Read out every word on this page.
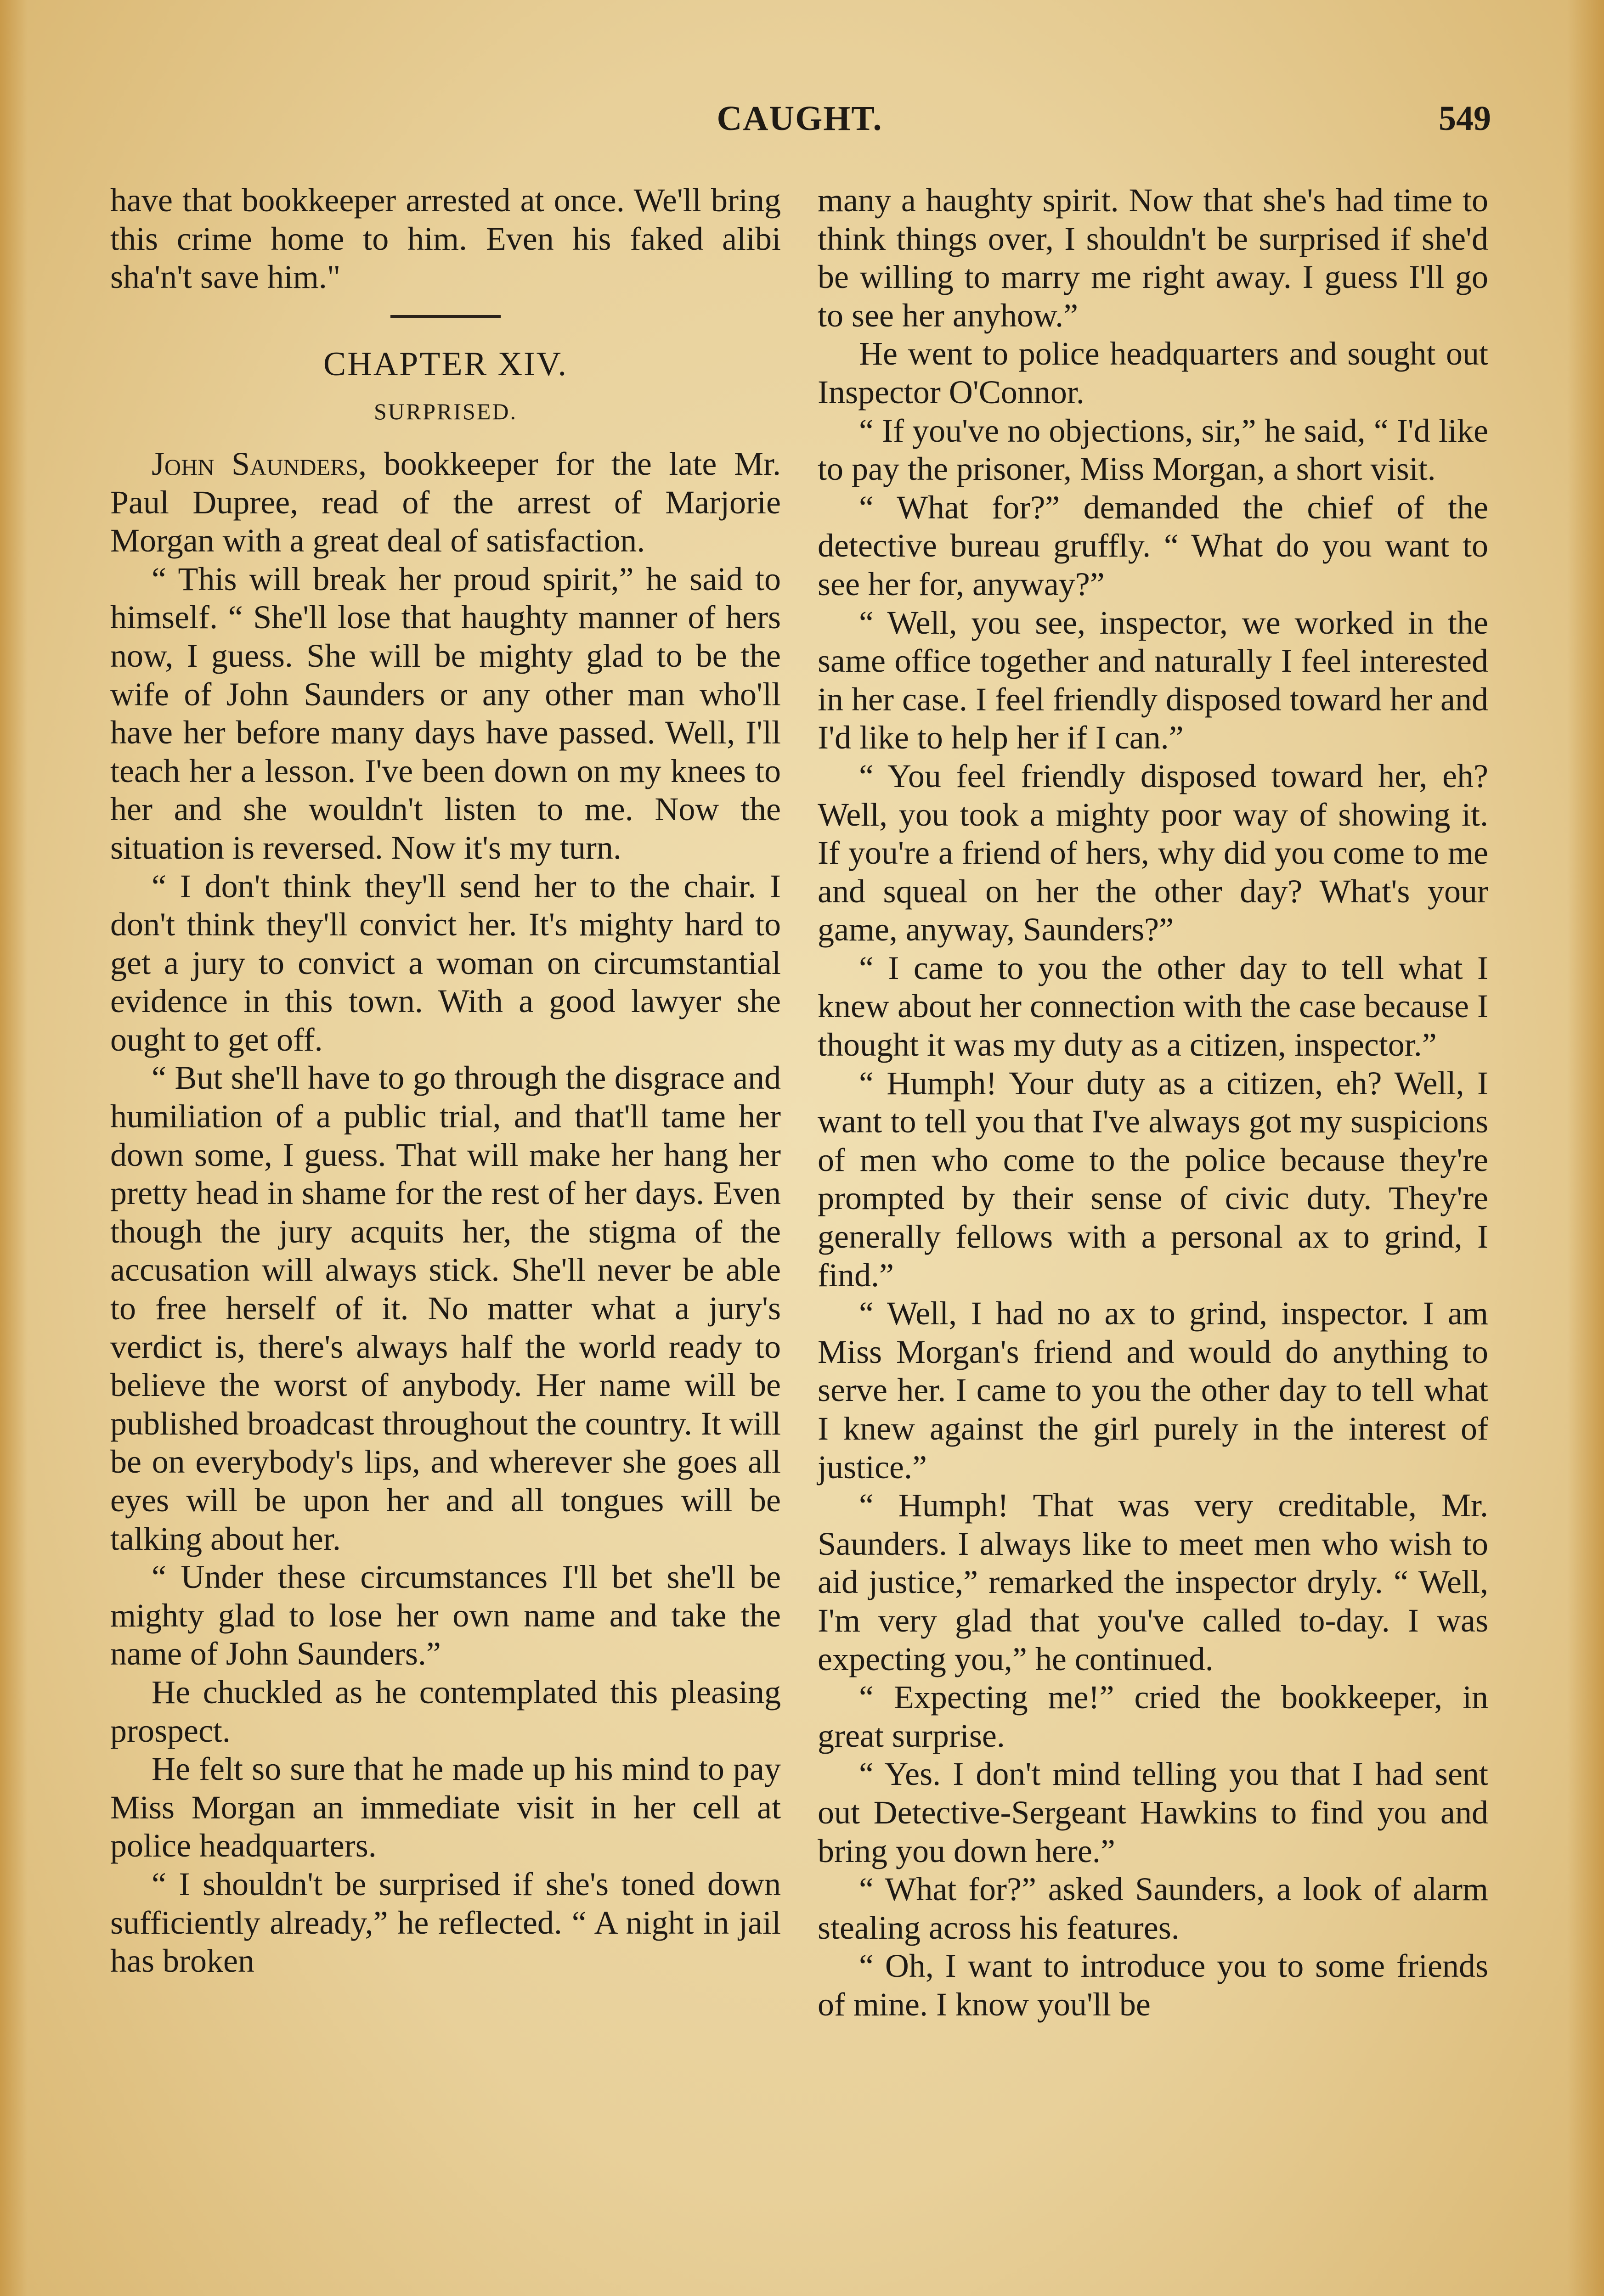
CAUGHT.	549

have that bookkeeper arrested at once. We'll bring this crime home to him. Even his faked alibi sha'n't save him."

CHAPTER XIV.
SURPRISED.

John Saunders, bookkeeper for the late Mr. Paul Dupree, read of the arrest of Marjorie Morgan with a great deal of satisfaction.

“ This will break her proud spirit,” he said to himself. “ She'll lose that haughty manner of hers now, I guess. She will be mighty glad to be the wife of John Saunders or any other man who'll have her before many days have passed. Well, I'll teach her a lesson. I've been down on my knees to her and she wouldn't listen to me. Now the situation is reversed. Now it's my turn.

“ I don't think they'll send her to the chair. I don't think they'll convict her. It's mighty hard to get a jury to convict a woman on circumstantial evidence in this town. With a good lawyer she ought to get off.

“ But she'll have to go through the disgrace and humiliation of a public trial, and that'll tame her down some, I guess. That will make her hang her pretty head in shame for the rest of her days. Even though the jury acquits her, the stigma of the accusation will always stick. She'll never be able to free herself of it. No matter what a jury's verdict is, there's always half the world ready to believe the worst of anybody. Her name will be published broadcast throughout the country. It will be on everybody's lips, and wherever she goes all eyes will be upon her and all tongues will be talking about her.

“ Under these circumstances I'll bet she'll be mighty glad to lose her own name and take the name of John Saunders.”

He chuckled as he contemplated this pleasing prospect.

He felt so sure that he made up his mind to pay Miss Morgan an immediate visit in her cell at police headquarters.

“ I shouldn't be surprised if she's toned down sufficiently already,” he reflected. “ A night in jail has broken

many a haughty spirit. Now that she's had time to think things over, I shouldn't be surprised if she'd be willing to marry me right away. I guess I'll go to see her anyhow.”

He went to police headquarters and sought out Inspector O'Connor.

“ If you've no objections, sir,” he said, “ I'd like to pay the prisoner, Miss Morgan, a short visit.

“ What for?” demanded the chief of the detective bureau gruffly. “ What do you want to see her for, anyway?”

“ Well, you see, inspector, we worked in the same office together and naturally I feel interested in her case. I feel friendly disposed toward her and I'd like to help her if I can.”

“ You feel friendly disposed toward her, eh? Well, you took a mighty poor way of showing it. If you're a friend of hers, why did you come to me and squeal on her the other day? What's your game, anyway, Saunders?”

“ I came to you the other day to tell what I knew about her connection with the case because I thought it was my duty as a citizen, inspector.”

“ Humph! Your duty as a citizen, eh? Well, I want to tell you that I've always got my suspicions of men who come to the police because they're prompted by their sense of civic duty. They're generally fellows with a personal ax to grind, I find.”

“ Well, I had no ax to grind, inspector. I am Miss Morgan's friend and would do anything to serve her. I came to you the other day to tell what I knew against the girl purely in the interest of justice.”

“ Humph! That was very creditable, Mr. Saunders. I always like to meet men who wish to aid justice,” remarked the inspector dryly. “ Well, I'm very glad that you've called to-day. I was expecting you,” he continued.

“ Expecting me!” cried the bookkeeper, in great surprise.

“ Yes. I don't mind telling you that I had sent out Detective-Sergeant Hawkins to find you and bring you down here.”

“ What for?” asked Saunders, a look of alarm stealing across his features.

“ Oh, I want to introduce you to some friends of mine. I know you'll be
